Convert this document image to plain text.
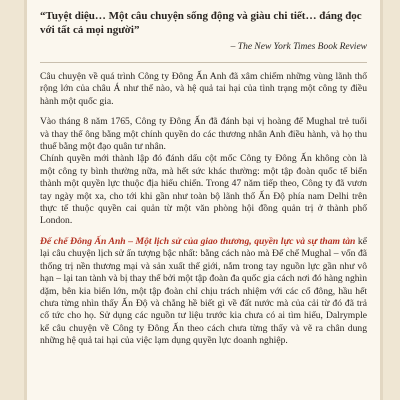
“Tuyệt diệu… Một câu chuyện sống động và giàu chi tiết… đáng đọc với tất cả mọi người”

– The New York Times Book Review

Câu chuyện về quá trình Công ty Đông Ấn Anh đã xâm chiếm những vùng lãnh thổ rộng lớn của châu Á như thế nào, và hệ quả tai hại của tình trạng một công ty điều hành một quốc gia.

Vào tháng 8 năm 1765, Công ty Đông Ấn đã đánh bại vị hoàng đế Mughal trẻ tuổi và thay thế ông bằng một chính quyền do các thương nhân Anh điều hành, và họ thu thuế bằng một đạo quân tư nhân.

Chính quyền mới thành lập đó đánh dấu cột mốc Công ty Đông Ấn không còn là một công ty bình thường nữa, mà hết sức khác thường: một tập đoàn quốc tế biến thành một quyền lực thuộc địa hiếu chiến. Trong 47 năm tiếp theo, Công ty đã vươn tay ngày một xa, cho tới khi gần như toàn bộ lãnh thổ Ấn Độ phía nam Delhi trên thực tế thuộc quyền cai quản từ một văn phòng hội đồng quản trị ở thành phố London.

Đế chế Đông Ấn Anh – Một lịch sử của giao thương, quyền lực và sự tham tàn kể lại câu chuyện lịch sử ấn tượng bậc nhất: bằng cách nào mà Đế chế Mughal – vốn đã thống trị nền thương mại và sản xuất thế giới, nắm trong tay nguồn lực gần như vô hạn – lại tan tành và bị thay thế bởi một tập đoàn đa quốc gia cách nơi đó hàng nghìn dặm, bên kia biển lớn, một tập đoàn chỉ chịu trách nhiệm với các cổ đông, hầu hết chưa từng nhìn thấy Ấn Độ và chẳng hề biết gì về đất nước mà của cải từ đó đã trả cổ tức cho họ. Sử dụng các nguồn tư liệu trước kia chưa có ai tìm hiểu, Dalrymple kể câu chuyện về Công ty Đông Ấn theo cách chưa từng thấy và vẽ ra chân dung những hệ quả tai hại của việc lạm dụng quyền lực doanh nghiệp.
